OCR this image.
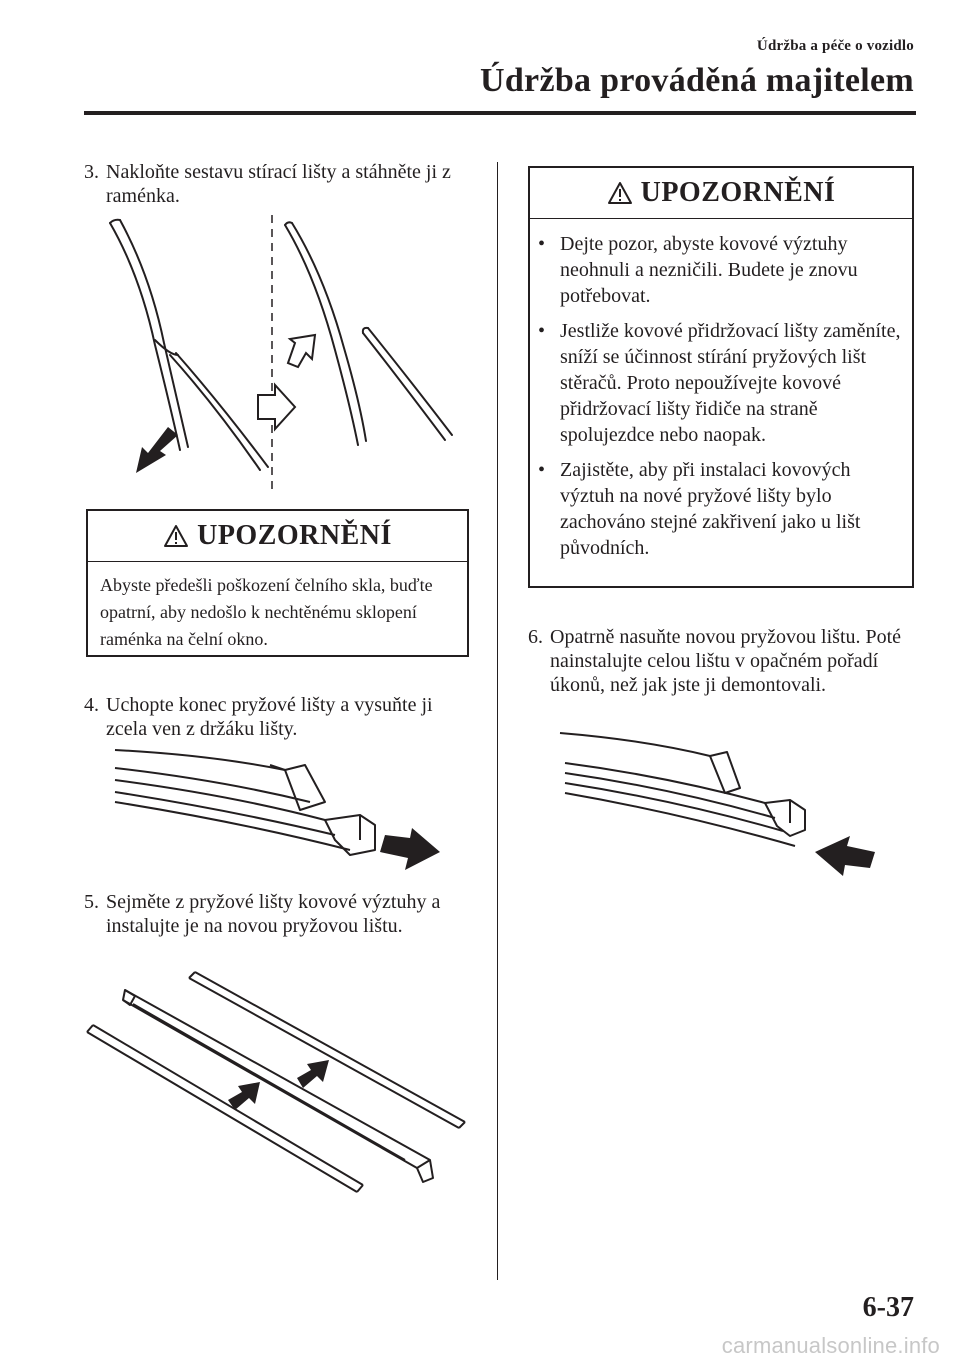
Údržba a péče o vozidlo
Údržba prováděná majitelem
3. Nakloňte sestavu stírací lišty a stáhněte ji z raménka.
UPOZORNĚNÍ
Abyste předešli poškození čelního skla, buďte opatrní, aby nedošlo k nechtěnému sklopení raménka na čelní okno.
4. Uchopte konec pryžové lišty a vysuňte ji zcela ven z držáku lišty.
5. Sejměte z pryžové lišty kovové výztuhy a instalujte je na novou pryžovou lištu.
UPOZORNĚNÍ
• Dejte pozor, abyste kovové výztuhy neohnuli a nezničili. Budete je znovu potřebovat.
• Jestliže kovové přidržovací lišty zaměníte, sníží se účinnost stírání pryžových lišt stěračů. Proto nepoužívejte kovové přidržovací lišty řidiče na straně spolujezdce nebo naopak.
• Zajistěte, aby při instalaci kovových výztuh na nové pryžové lišty bylo zachováno stejné zakřivení jako u lišt původních.
6. Opatrně nasuňte novou pryžovou lištu. Poté nainstalujte celou lištu v opačném pořadí úkonů, než jak jste ji demontovali.
6-37
carmanualsonline.info
